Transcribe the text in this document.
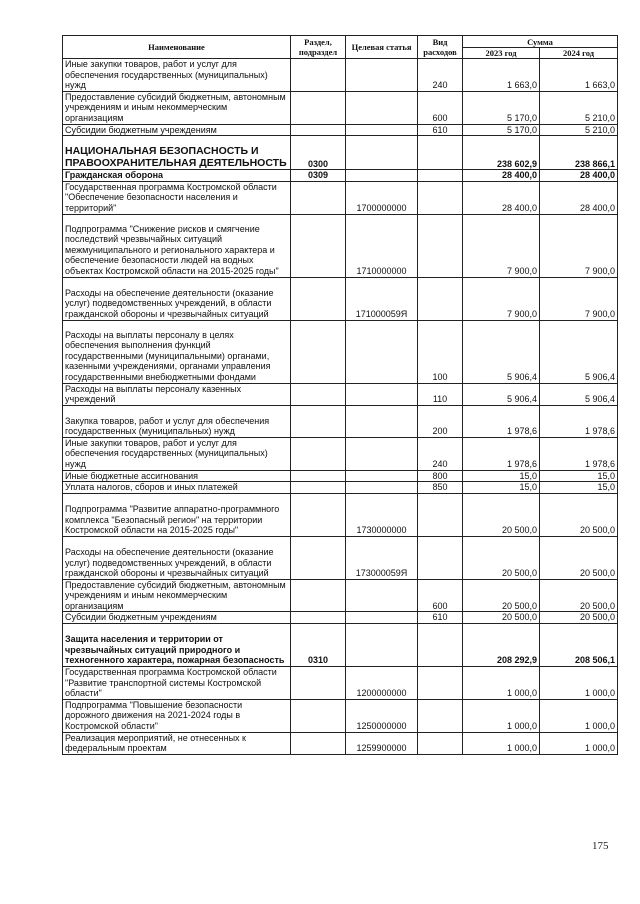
Наименование	Раздел, подраздел	Целевая статья	Вид расходов	Сумма	
				2023 год	2024 год
Иные закупки товаров, работ и услуг для обеспечения государственных (муниципальных) нужд			240	1 663,0	1 663,0
Предоставление субсидий бюджетным, автономным учреждениям и иным некоммерческим организациям			600	5 170,0	5 210,0
Субсидии бюджетным учреждениям			610	5 170,0	5 210,0
НАЦИОНАЛЬНАЯ БЕЗОПАСНОСТЬ И ПРАВООХРАНИТЕЛЬНАЯ ДЕЯТЕЛЬНОСТЬ	0300			238 602,9	238 866,1
Гражданская оборона	0309			28 400,0	28 400,0
Государственная программа Костромской области "Обеспечение безопасности населения и территорий"		1700000000		28 400,0	28 400,0
Подпрограмма "Снижение рисков и смягчение последствий чрезвычайных ситуаций межмуниципального и регионального характера и обеспечение безопасности людей на водных объектах Костромской области на 2015-2025 годы"		1710000000		7 900,0	7 900,0
Расходы на обеспечение деятельности (оказание услуг) подведомственных учреждений, в области гражданской обороны и чрезвычайных ситуаций		171000059Я		7 900,0	7 900,0
Расходы на выплаты персоналу в целях обеспечения выполнения функций государственными (муниципальными) органами, казенными учреждениями, органами управления государственными внебюджетными фондами			100	5 906,4	5 906,4
Расходы на выплаты персоналу казенных учреждений			110	5 906,4	5 906,4
Закупка товаров, работ и услуг для обеспечения государственных (муниципальных) нужд			200	1 978,6	1 978,6
Иные закупки товаров, работ и услуг для обеспечения государственных (муниципальных) нужд			240	1 978,6	1 978,6
Иные бюджетные ассигнования			800	15,0	15,0
Уплата налогов, сборов и иных платежей			850	15,0	15,0
Подпрограмма "Развитие аппаратно-программного комплекса "Безопасный регион" на территории Костромской области на 2015-2025 годы"		1730000000		20 500,0	20 500,0
Расходы на обеспечение деятельности (оказание услуг) подведомственных учреждений, в области гражданской обороны и чрезвычайных ситуаций		173000059Я		20 500,0	20 500,0
Предоставление субсидий бюджетным, автономным учреждениям и иным некоммерческим организациям			600	20 500,0	20 500,0
Субсидии бюджетным учреждениям			610	20 500,0	20 500,0
Защита населения и территории от чрезвычайных ситуаций природного и техногенного характера, пожарная безопасность	0310			208 292,9	208 506,1
Государственная программа Костромской области "Развитие транспортной системы Костромской области"		1200000000		1 000,0	1 000,0
Подпрограмма "Повышение безопасности дорожного движения на 2021-2024 годы в Костромской области"		1250000000		1 000,0	1 000,0
Реализация мероприятий, не отнесенных к федеральным проектам		1259900000		1 000,0	1 000,0
175
